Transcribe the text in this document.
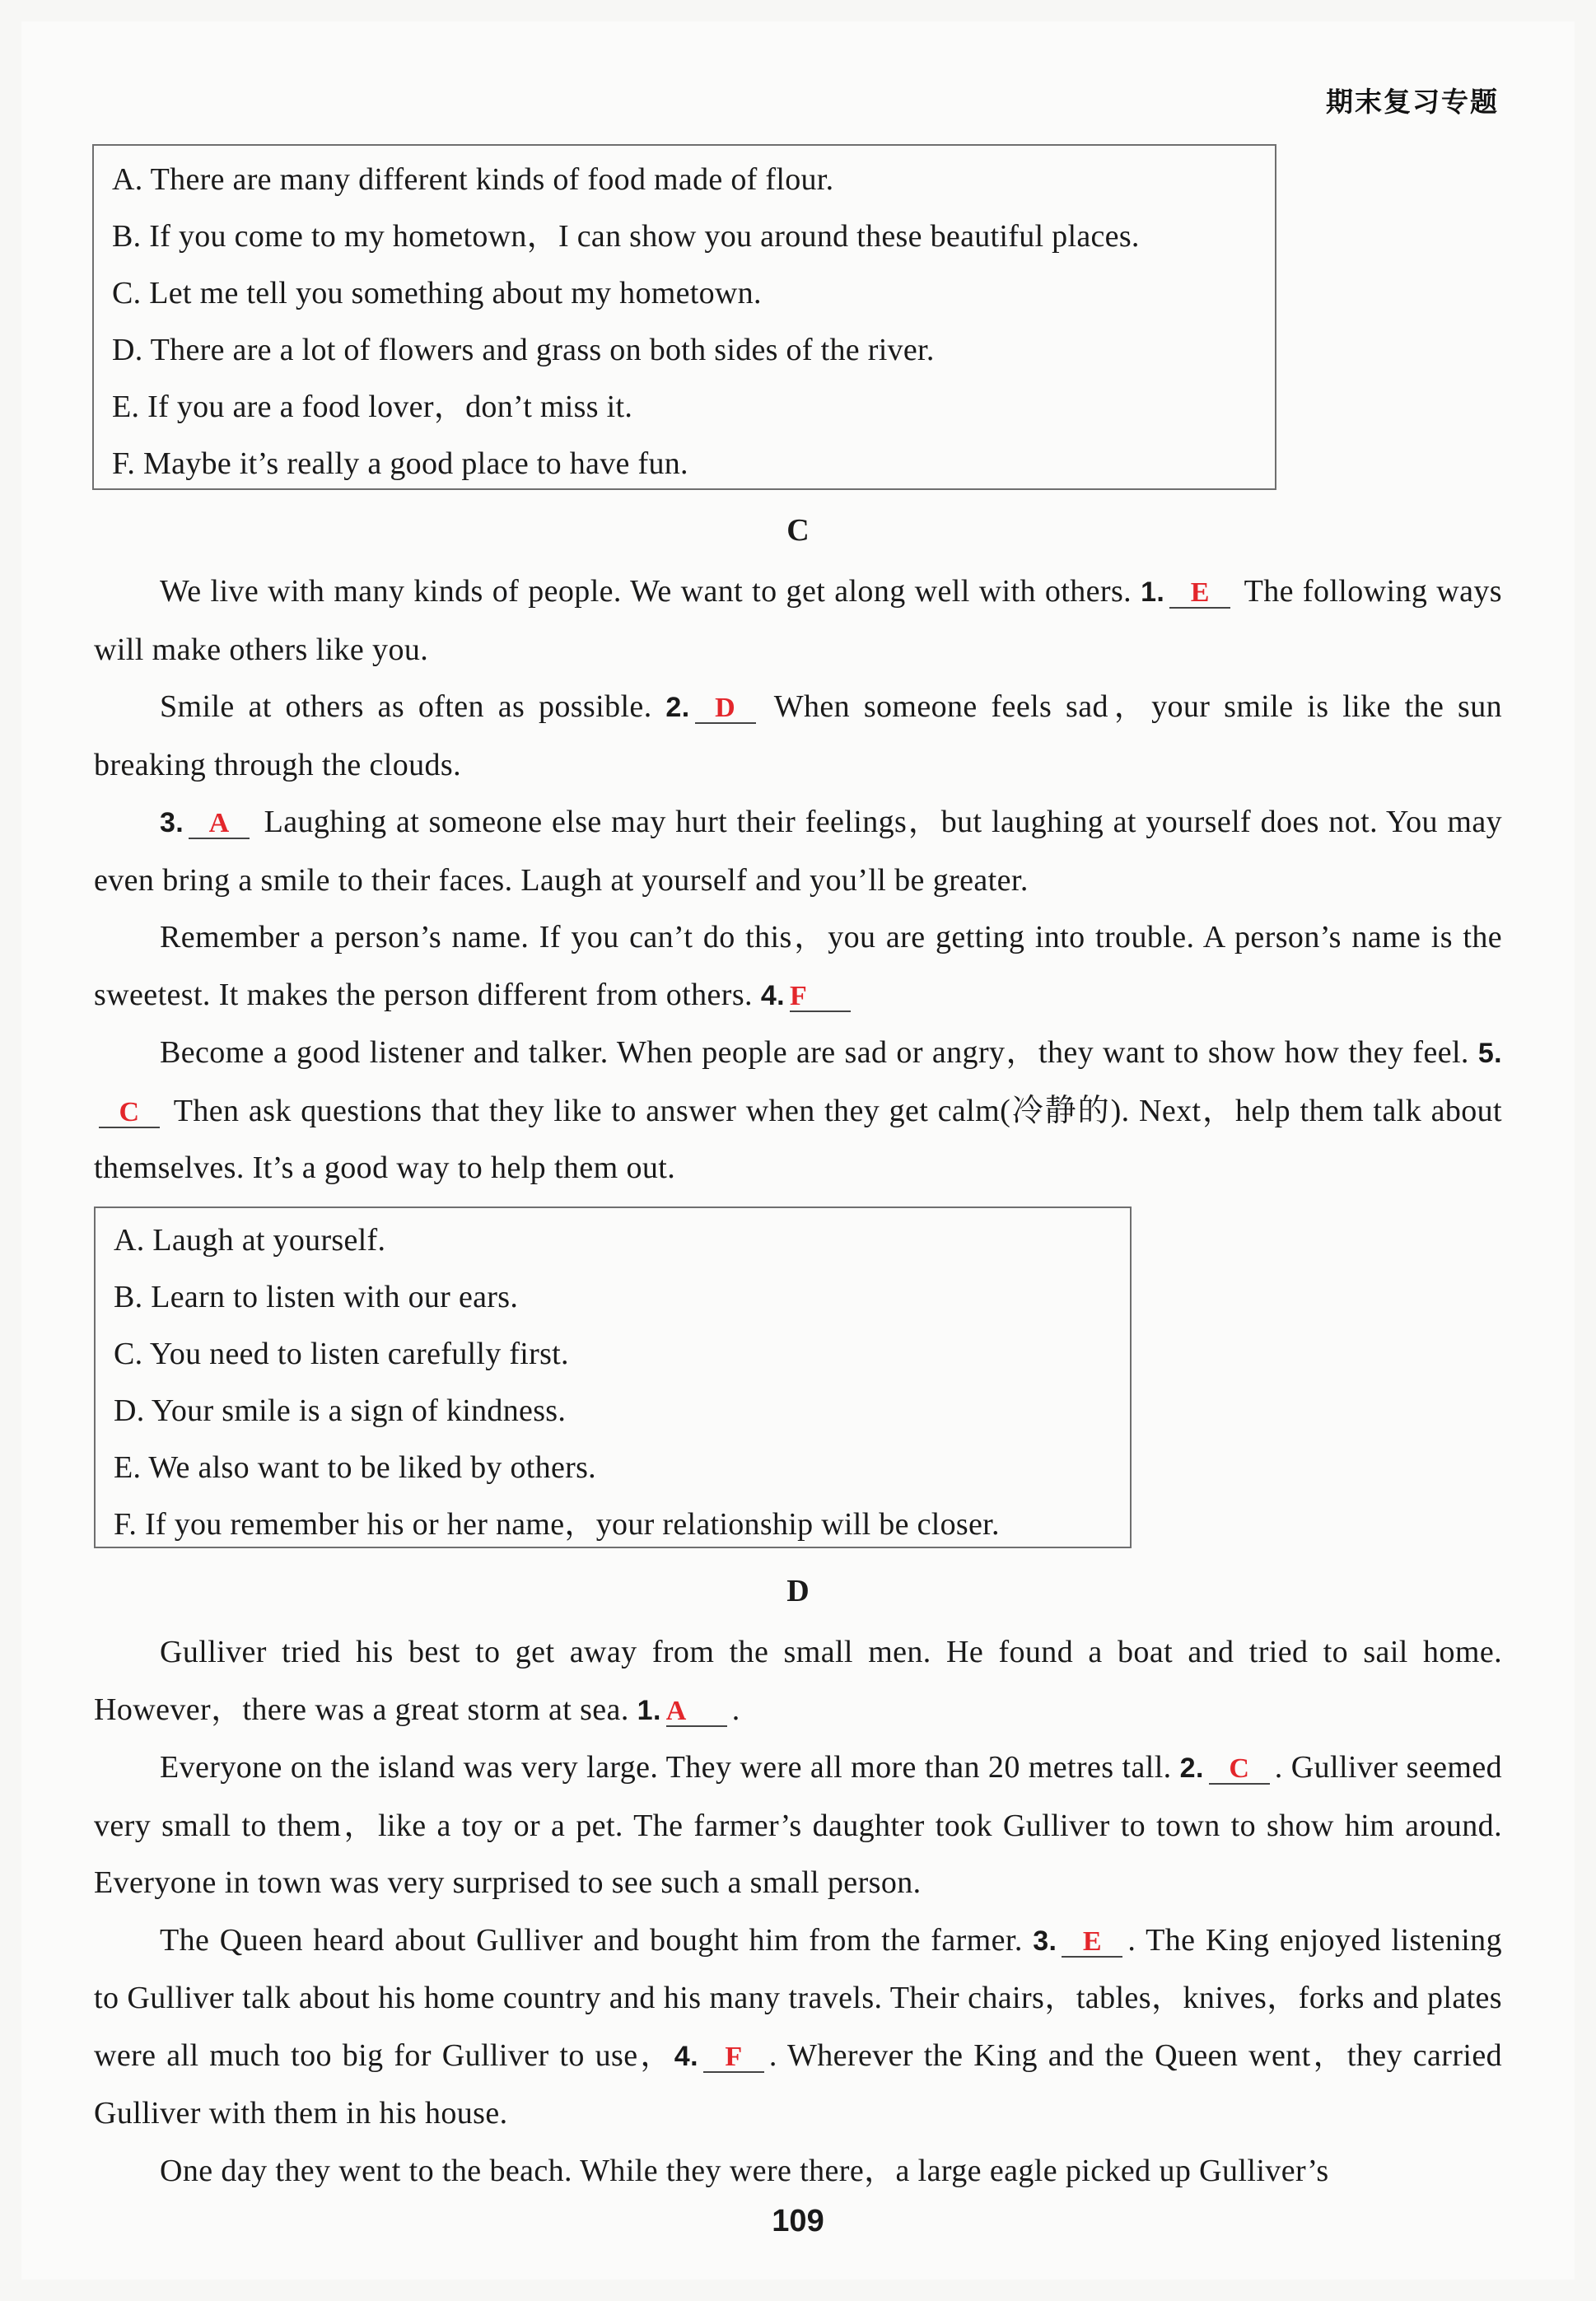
期末复习专题
A. There are many different kinds of food made of flour.
B. If you come to my hometown，I can show you around these beautiful places.
C. Let me tell you something about my hometown.
D. There are a lot of flowers and grass on both sides of the river.
E. If you are a food lover，don’t miss it.
F. Maybe it’s really a good place to have fun.
C

We live with many kinds of people. We want to get along well with others. 1. E The following ways will make others like you.

Smile at others as often as possible. 2. D When someone feels sad，your smile is like the sun breaking through the clouds.

3. A Laughing at someone else may hurt their feelings，but laughing at yourself does not. You may even bring a smile to their faces. Laugh at yourself and you’ll be greater.

Remember a person’s name. If you can’t do this，you are getting into trouble. A person’s name is the sweetest. It makes the person different from others. 4. F

Become a good listener and talker. When people are sad or angry，they want to show how they feel. 5.C Then ask questions that they like to answer when they get calm(冷静的). Next，help them talk about themselves. It’s a good way to help them out.

A. Laugh at yourself.
B. Learn to listen with our ears.
C. You need to listen carefully first.
D. Your smile is a sign of kindness.
E. We also want to be liked by others.
F. If you remember his or her name，your relationship will be closer.
D

Gulliver tried his best to get away from the small men. He found a boat and tried to sail home. However，there was a great storm at sea. 1. A .

Everyone on the island was very large. They were all more than 20 metres tall. 2. C . Gulliver seemed very small to them，like a toy or a pet. The farmer’s daughter took Gulliver to town to show him around. Everyone in town was very surprised to see such a small person.

The Queen heard about Gulliver and bought him from the farmer. 3. E . The King enjoyed listening to Gulliver talk about his home country and his many travels. Their chairs，tables，knives，forks and plates were all much too big for Gulliver to use，4. F . Wherever the King and the Queen went，they carried Gulliver with them in his house.

One day they went to the beach. While they were there，a large eagle picked up Gulliver’s

109
